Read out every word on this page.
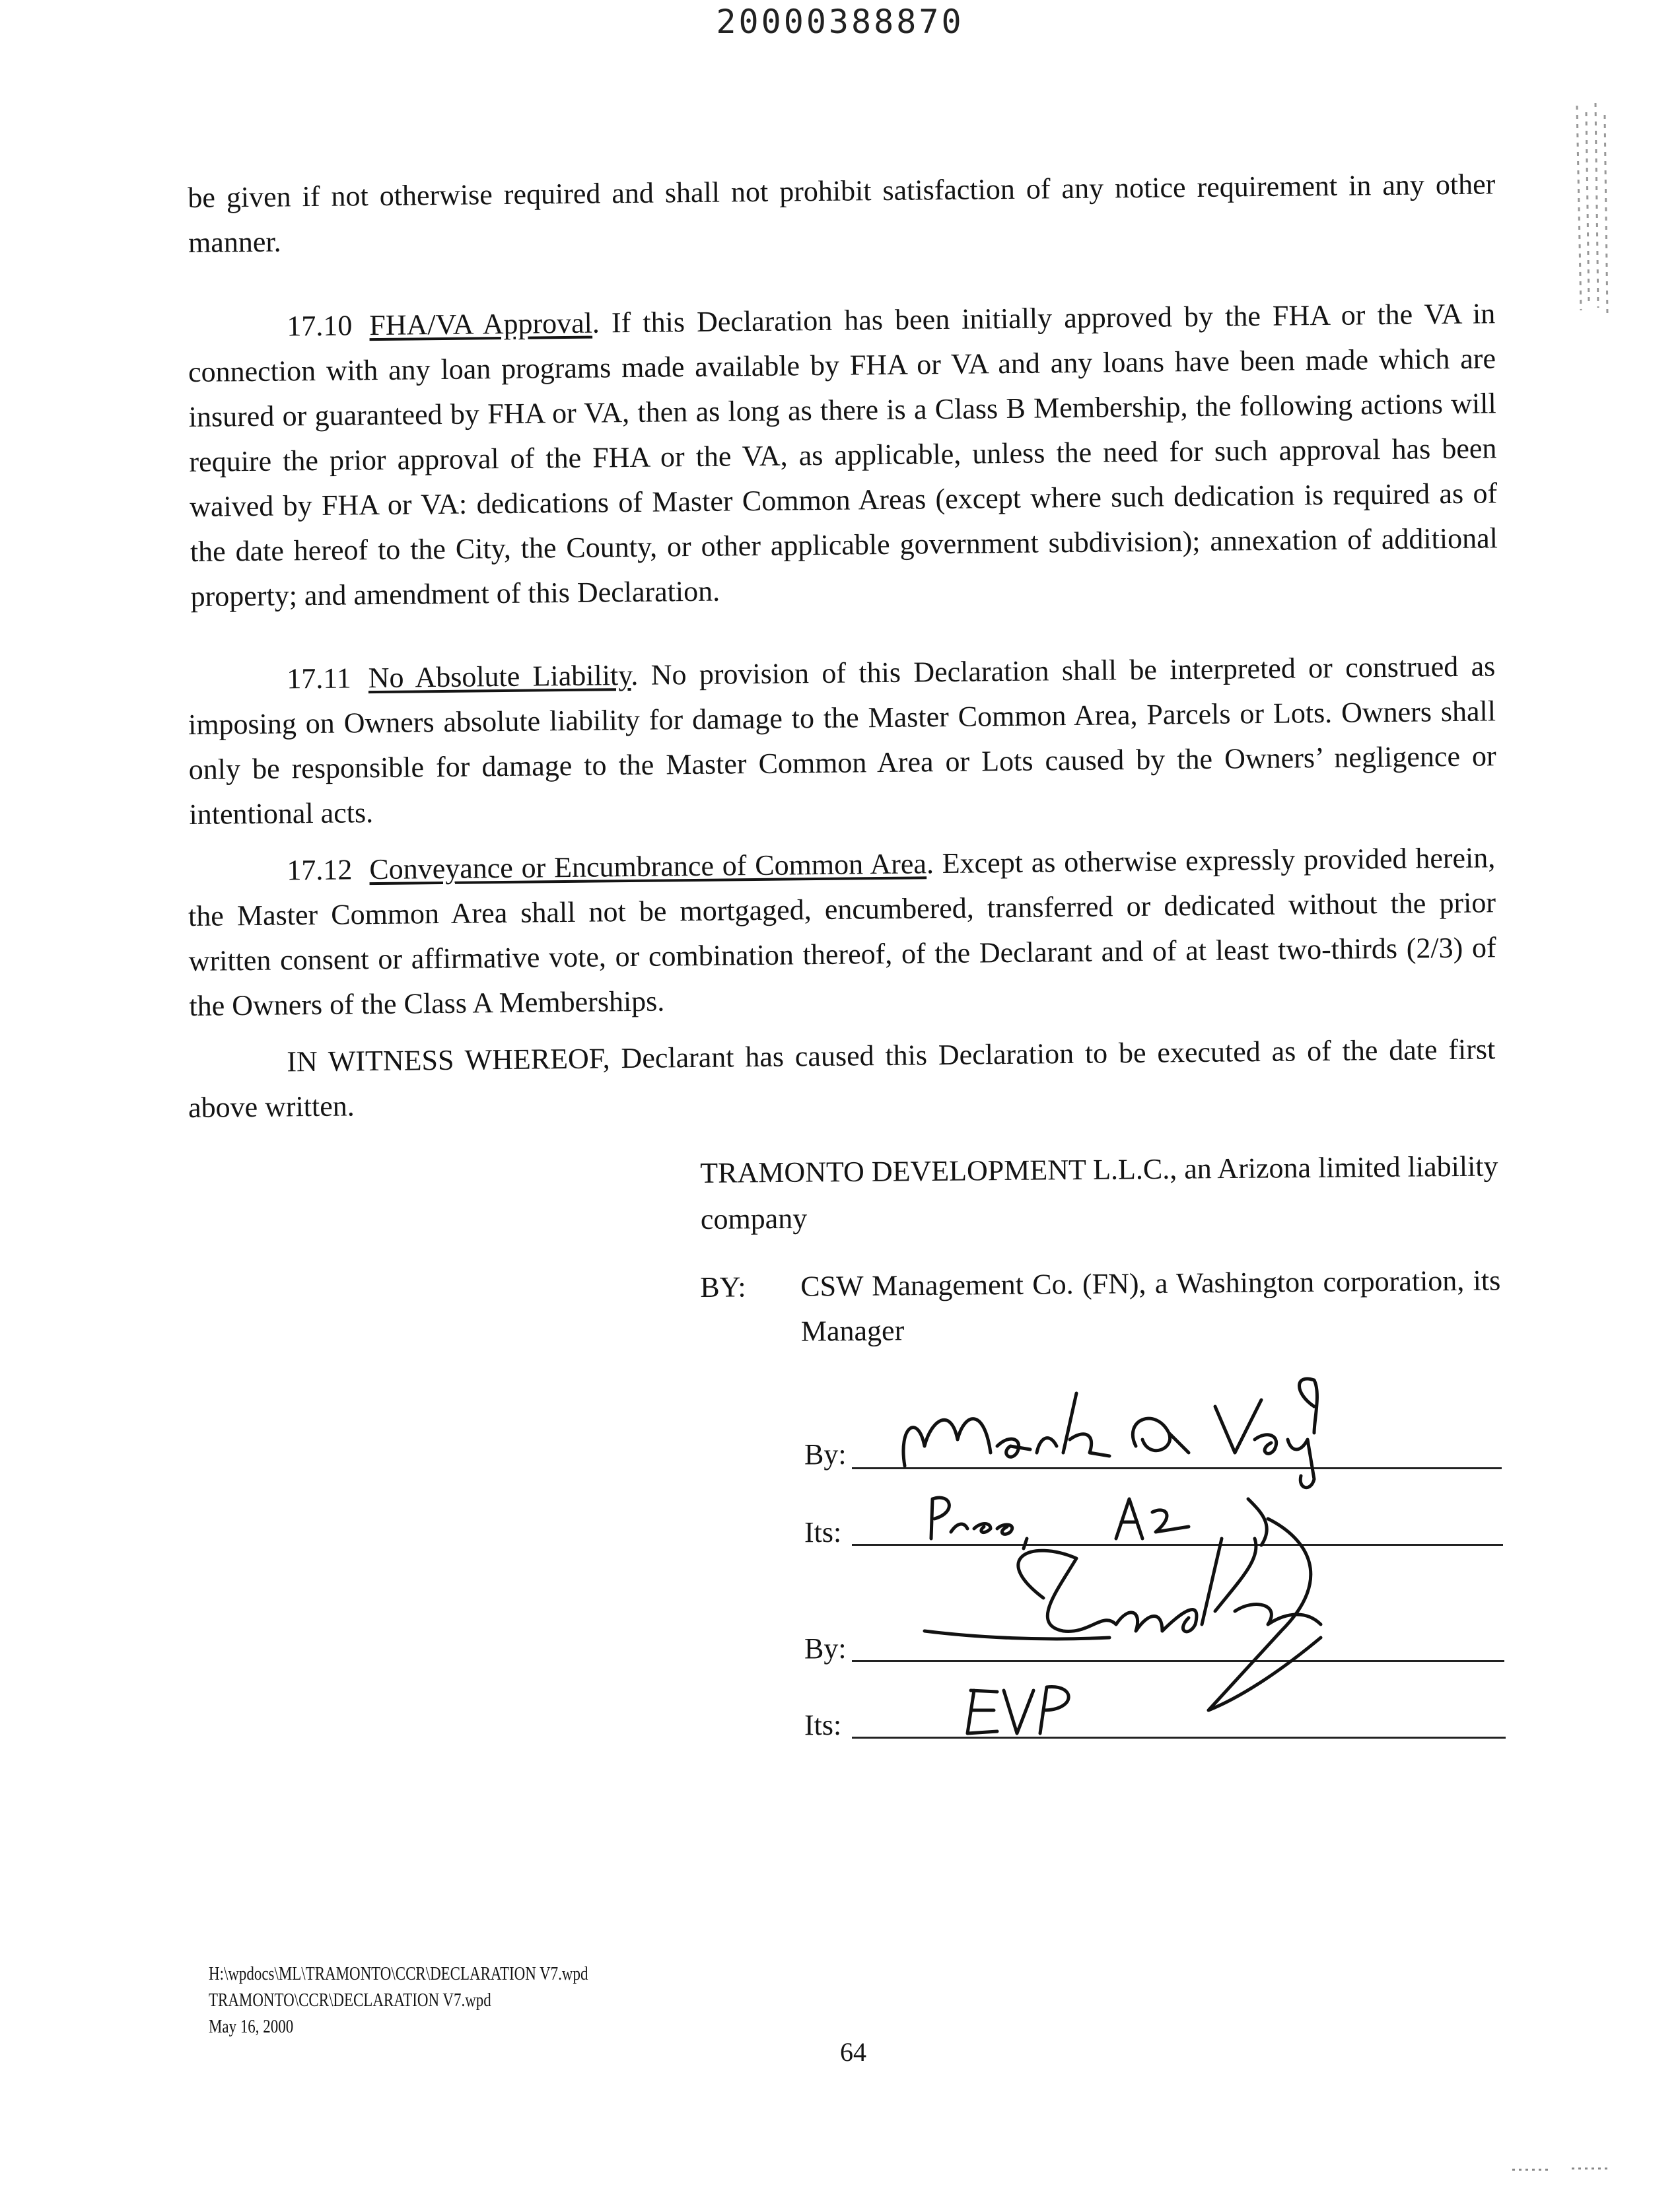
20000388870

be given if not otherwise required and shall not prohibit satisfaction of any notice requirement in any other manner.

17.10 FHA/VA Approval. If this Declaration has been initially approved by the FHA or the VA in connection with any loan programs made available by FHA or VA and any loans have been made which are insured or guaranteed by FHA or VA, then as long as there is a Class B Membership, the following actions will require the prior approval of the FHA or the VA, as applicable, unless the need for such approval has been waived by FHA or VA: dedications of Master Common Areas (except where such dedication is required as of the date hereof to the City, the County, or other applicable government subdivision); annexation of additional property; and amendment of this Declaration.

17.11 No Absolute Liability. No provision of this Declaration shall be interpreted or construed as imposing on Owners absolute liability for damage to the Master Common Area, Parcels or Lots. Owners shall only be responsible for damage to the Master Common Area or Lots caused by the Owners’ negligence or intentional acts.

17.12 Conveyance or Encumbrance of Common Area. Except as otherwise expressly provided herein, the Master Common Area shall not be mortgaged, encumbered, transferred or dedicated without the prior written consent or affirmative vote, or combination thereof, of the Declarant and of at least two-thirds (2/3) of the Owners of the Class A Memberships.

IN WITNESS WHEREOF, Declarant has caused this Declaration to be executed as of the date first above written.

TRAMONTO DEVELOPMENT L.L.C., an Arizona limited liability company
BY: CSW Management Co. (FN), a Washington corporation, its Manager
By:
Its:
By:
Its:
H:\wpdocs\ML\TRAMONTO\CCR\DECLARATION V7.wpd
TRAMONTO\CCR\DECLARATION V7.wpd
May 16, 2000
64
